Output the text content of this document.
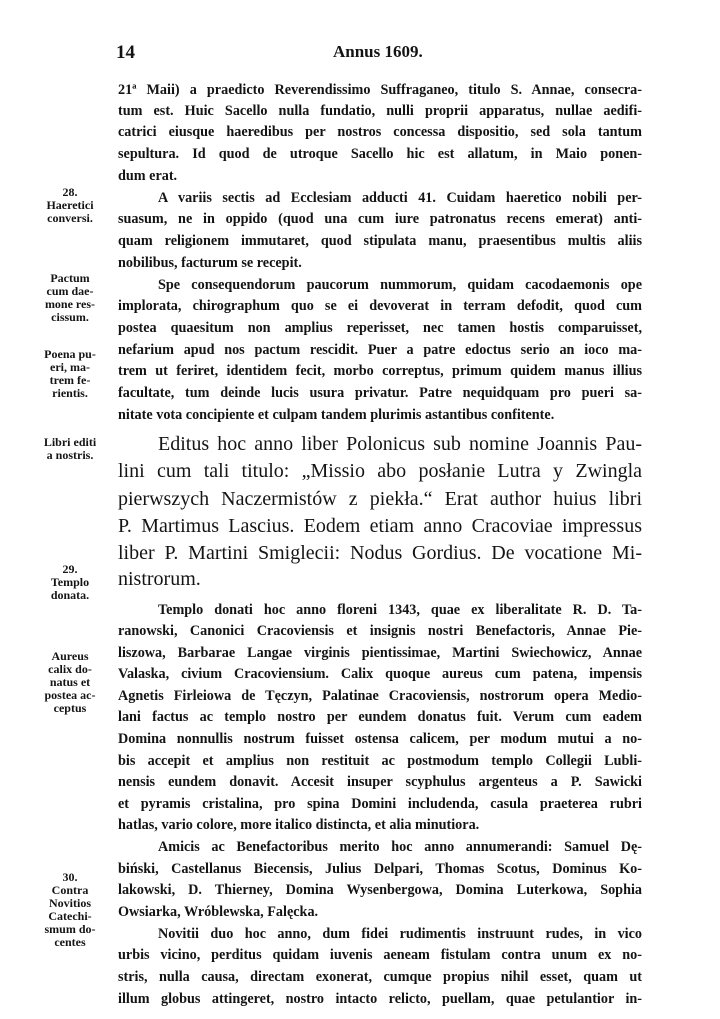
14	Annus 1609.
21ª Maii) a praedicto Reverendissimo Suffraganeo, titulo S. Annae, consecra-
tum est. Huic Sacello nulla fundatio, nulli proprii apparatus, nullae aedifi-
catrici eiusque haeredibus per nostros concessa dispositio, sed sola tantum
sepultura. Id quod de utroque Sacello hic est allatum, in Maio ponen-
dum erat.
A variis sectis ad Ecclesiam adducti 41. Cuidam haeretico nobili per-
suasum, ne in oppido (quod una cum iure patronatus recens emerat) anti-
quam religionem immutaret, quod stipulata manu, praesentibus multis aliis
nobilibus, facturum se recepit.
Spe consequendorum paucorum nummorum, quidam cacodaemonis ope
implorata, chirographum quo se ei devoverat in terram defodit, quod cum
postea quaesitum non amplius reperisset, nec tamen hostis comparuisset,
nefarium apud nos pactum rescidit. Puer a patre edoctus serio an ioco ma-
trem ut feriret, identidem fecit, morbo correptus, primum quidem manus illius
facultate, tum deinde lucis usura privatur. Patre nequidquam pro pueri sa-
nitate vota concipiente et culpam tandem plurimis astantibus confitente.
Editus hoc anno liber Polonicus sub nomine Joannis Pau-
lini cum tali titulo: „Missio abo posłanie Lutra y Zwingla
pierwszych Naczermistów z piekła.“ Erat author huius libri
P. Martimus Lascius. Eodem etiam anno Cracoviae impressus
liber P. Martini Smiglecii: Nodus Gordius. De vocatione Mi-
nistrorum.
Templo donati hoc anno floreni 1343, quae ex liberalitate R. D. Ta-
ranowski, Canonici Cracoviensis et insignis nostri Benefactoris, Annae Pie-
liszowa, Barbarae Langae virginis pientissimae, Martini Swiechowicz, Annae
Valaska, civium Cracoviensium. Calix quoque aureus cum patena, impensis
Agnetis Firleiowa de Tęczyn, Palatinae Cracoviensis, nostrorum opera Medio-
lani factus ac templo nostro per eundem donatus fuit. Verum cum eadem
Domina nonnullis nostrum fuisset ostensa calicem, per modum mutui a no-
bis accepit et amplius non restituit ac postmodum templo Collegii Lubli-
nensis eundem donavit. Accesit insuper scyphulus argenteus a P. Sawicki
et pyramis cristalina, pro spina Domini includenda, casula praeterea rubri
hatlas, vario colore, more italico distincta, et alia minutiora.
Amicis ac Benefactoribus merito hoc anno annumerandi: Samuel Dę-
biński, Castellanus Biecensis, Julius Delpari, Thomas Scotus, Dominus Ko-
lakowski, D. Thierney, Domina Wysenbergowa, Domina Luterkowa, Sophia
Owsiarka, Wróblewska, Falęcka.
Novitii duo hoc anno, dum fidei rudimentis instruunt rudes, in vico
urbis vicino, perditus quidam iuvenis aeneam fistulam contra unum ex no-
stris, nulla causa, directam exonerat, cumque propius nihil esset, quam ut
illum globus attingeret, nostro intacto relicto, puellam, quae petulantior in-
28.
Haeretici
conversi.
Pactum
cum dae-
mone res-
cissum.
Poena pu-
eri, ma-
trem fe-
rientis.
Libri editi
a nostris.
29.
Templo
donata.
Aureus
calix do-
natus et
postea ac-
ceptus
30.
Contra
Novitios
Catechi-
smum do-
centes
